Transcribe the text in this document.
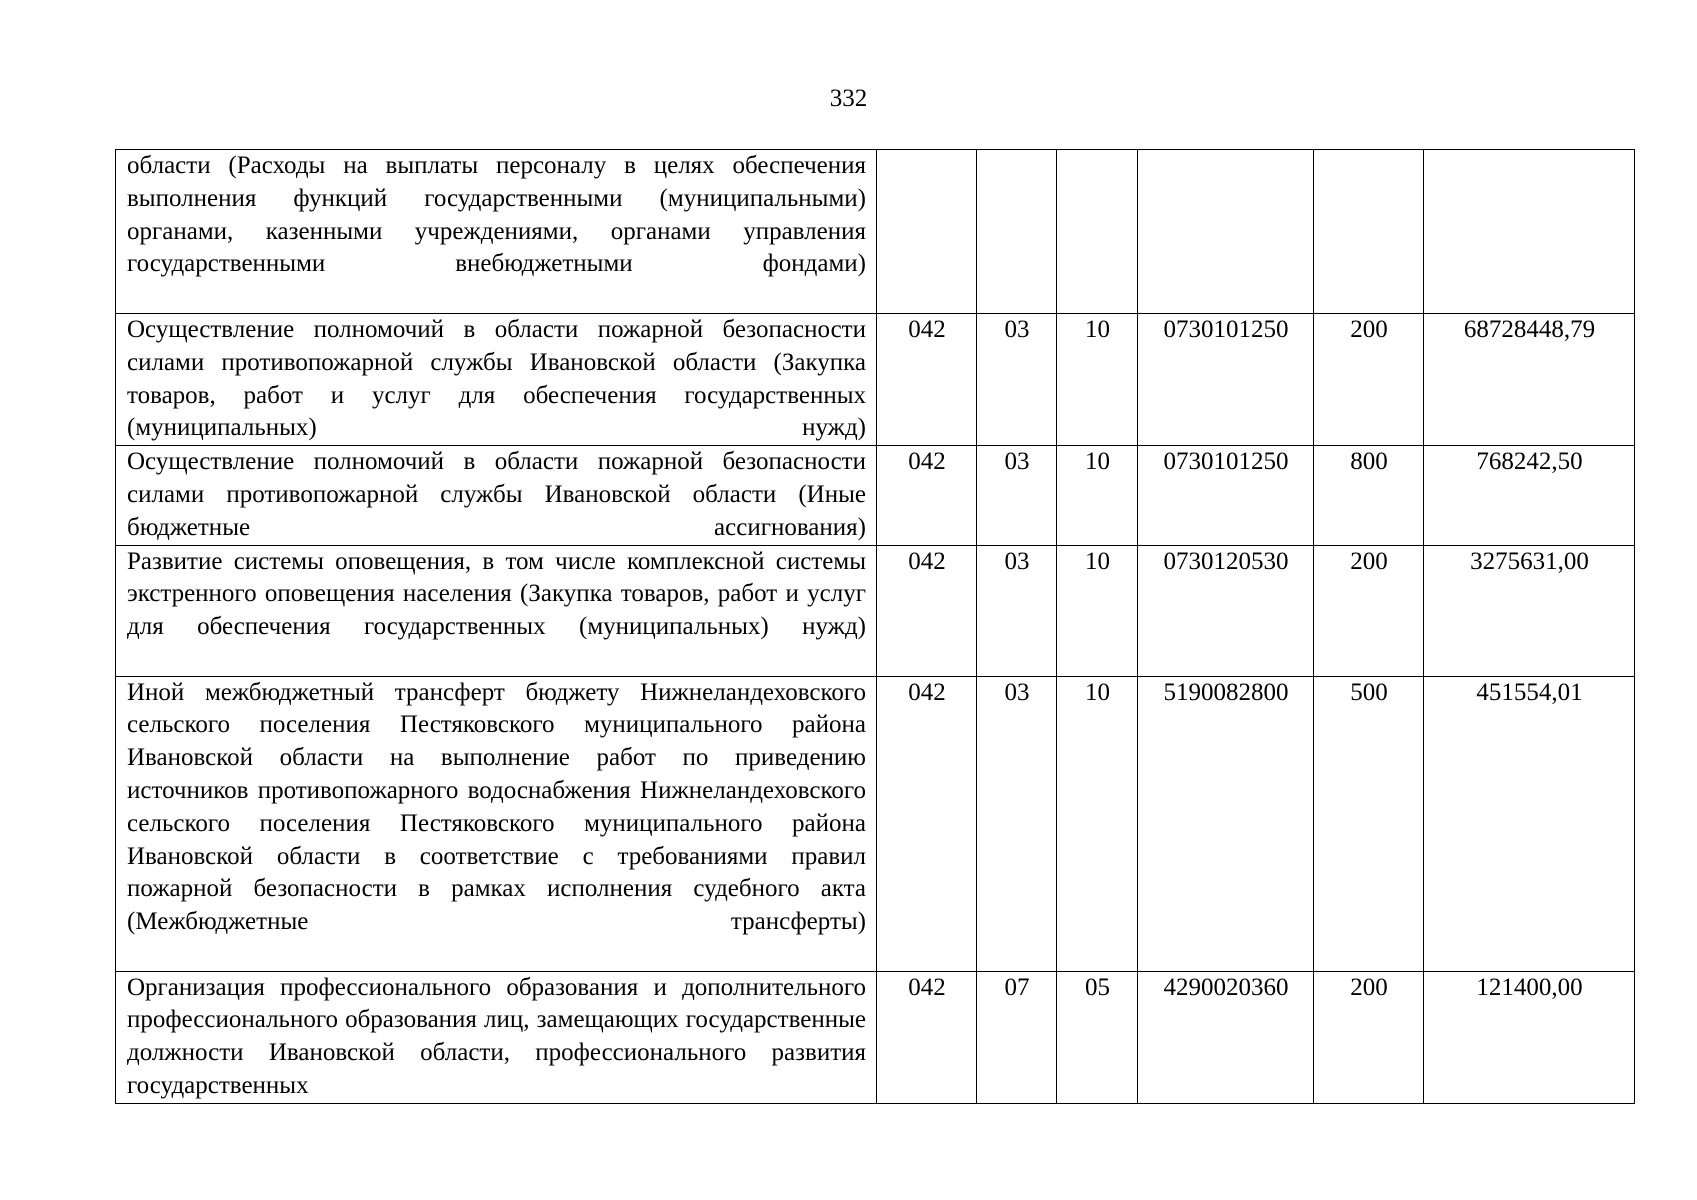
332
области (Расходы на выплаты персоналу в целях обеспечения выполнения функций государственными (муниципальными) органами, казенными учреждениями, органами управления государственными внебюджетными фондами)						
Осуществление полномочий в области пожарной безопасности силами противопожарной службы Ивановской области (Закупка товаров, работ и услуг для обеспечения государственных (муниципальных) нужд)	042	03	10	0730101250	200	68728448,79
Осуществление полномочий в области пожарной безопасности силами противопожарной службы Ивановской области (Иные бюджетные ассигнования)	042	03	10	0730101250	800	768242,50
Развитие системы оповещения, в том числе комплексной системы экстренного оповещения населения (Закупка товаров, работ и услуг для обеспечения государственных (муниципальных) нужд)	042	03	10	0730120530	200	3275631,00
Иной межбюджетный трансферт бюджету Нижнеландеховского сельского поселения Пестяковского муниципального района Ивановской области на выполнение работ по приведению источников противопожарного водоснабжения Нижнеландеховского сельского поселения Пестяковского муниципального района Ивановской области в соответствие с требованиями правил пожарной безопасности в рамках исполнения судебного акта (Межбюджетные трансферты)	042	03	10	5190082800	500	451554,01
Организация профессионального образования и дополнительного профессионального образования лиц, замещающих государственные должности Ивановской области, профессионального развития государственных	042	07	05	4290020360	200	121400,00
